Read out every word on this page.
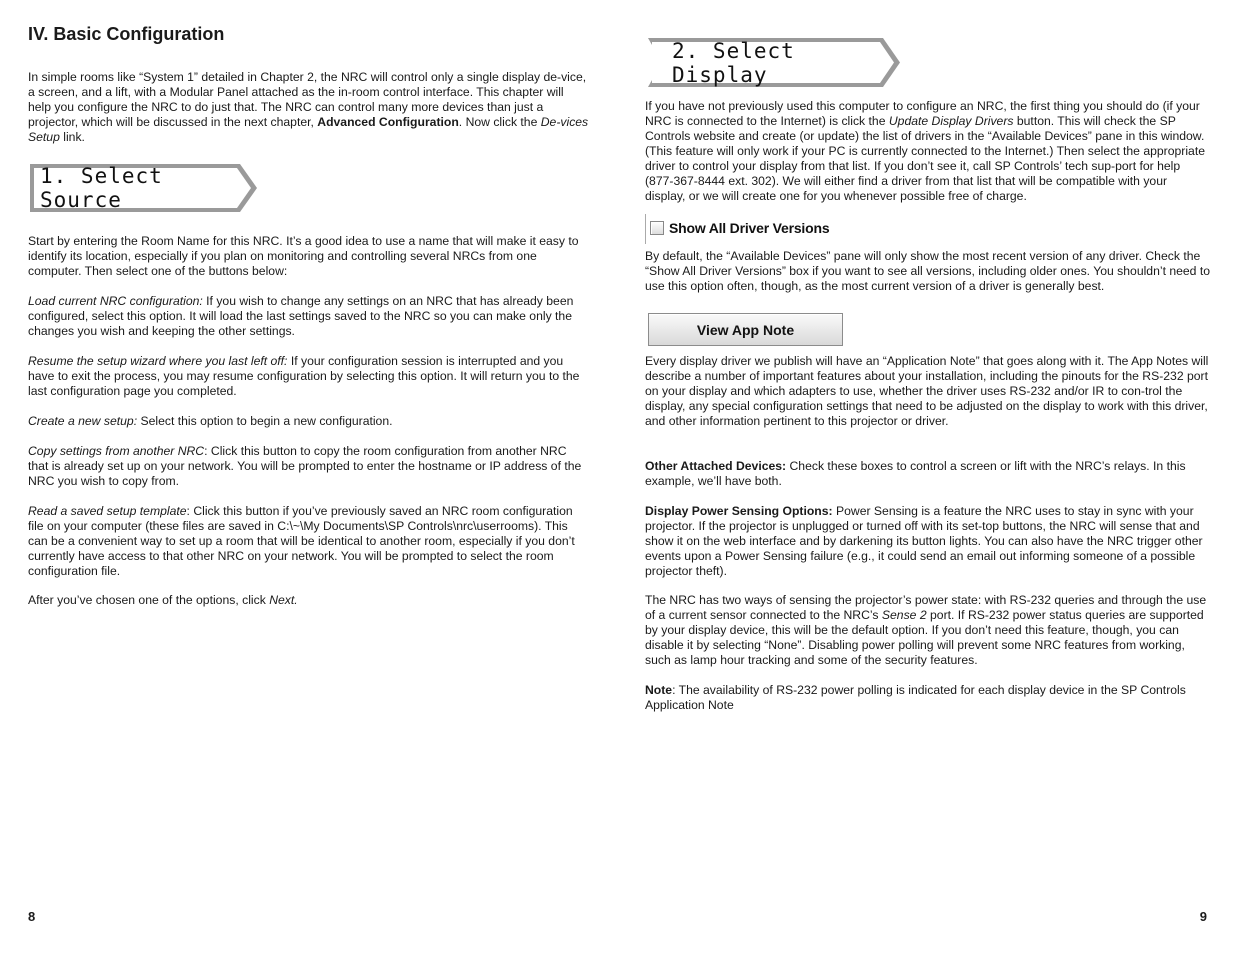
IV. Basic Configuration

In simple rooms like “System 1” detailed in Chapter 2, the NRC will control only a single display de-vice, a screen, and a lift, with a Modular Panel attached as the in-room control interface. This chapter will help you configure the NRC to do just that. The NRC can control many more devices than just a projector, which will be discussed in the next chapter, Advanced Configuration. Now click the De-vices Setup link.

1. Select Source

Start by entering the Room Name for this NRC. It’s a good idea to use a name that will make it easy to identify its location, especially if you plan on monitoring and controlling several NRCs from one computer. Then select one of the buttons below:

Load current NRC configuration: If you wish to change any settings on an NRC that has already been configured, select this option. It will load the last settings saved to the NRC so you can make only the changes you wish and keeping the other settings.

Resume the setup wizard where you last left off: If your configuration session is interrupted and you have to exit the process, you may resume configuration by selecting this option. It will return you to the last configuration page you completed.

Create a new setup: Select this option to begin a new configuration.

Copy settings from another NRC: Click this button to copy the room configuration from another NRC that is already set up on your network. You will be prompted to enter the hostname or IP address of the NRC you wish to copy from.

Read a saved setup template: Click this button if you’ve previously saved an NRC room configuration file on your computer (these files are saved in C:\~\My Documents\SP Controls\nrc\userrooms). This can be a convenient way to set up a room that will be identical to another room, especially if you don’t currently have access to that other NRC on your network. You will be prompted to select the room configuration file.

After you’ve chosen one of the options, click Next.

8
2. Select Display

If you have not previously used this computer to configure an NRC, the first thing you should do (if your NRC is connected to the Internet) is click the Update Display Drivers button. This will check the SP Controls website and create (or update) the list of drivers in the “Available Devices” pane in this window. (This feature will only work if your PC is currently connected to the Internet.) Then select the appropriate driver to control your display from that list. If you don’t see it, call SP Controls’ tech sup-port for help (877-367-8444 ext. 302). We will either find a driver from that list that will be compatible with your display, or we will create one for you whenever possible free of charge.

Show All Driver Versions

By default, the “Available Devices” pane will only show the most recent version of any driver. Check the “Show All Driver Versions” box if you want to see all versions, including older ones. You shouldn’t need to use this option often, though, as the most current version of a driver is generally best.

View App Note

Every display driver we publish will have an “Application Note” that goes along with it. The App Notes will describe a number of important features about your installation, including the pinouts for the RS-232 port on your display and which adapters to use, whether the driver uses RS-232 and/or IR to con-trol the display, any special configuration settings that need to be adjusted on the display to work with this driver, and other information pertinent to this projector or driver.

Other Attached Devices: Check these boxes to control a screen or lift with the NRC’s relays. In this example, we’ll have both.

Display Power Sensing Options: Power Sensing is a feature the NRC uses to stay in sync with your projector. If the projector is unplugged or turned off with its set-top buttons, the NRC will sense that and show it on the web interface and by darkening its button lights. You can also have the NRC trigger other events upon a Power Sensing failure (e.g., it could send an email out informing someone of a possible projector theft).

The NRC has two ways of sensing the projector’s power state: with RS-232 queries and through the use of a current sensor connected to the NRC’s Sense 2 port. If RS-232 power status queries are supported by your display device, this will be the default option. If you don’t need this feature, though, you can disable it by selecting “None”. Disabling power polling will prevent some NRC features from working, such as lamp hour tracking and some of the security features.

Note: The availability of RS-232 power polling is indicated for each display device in the SP Controls Application Note

9
